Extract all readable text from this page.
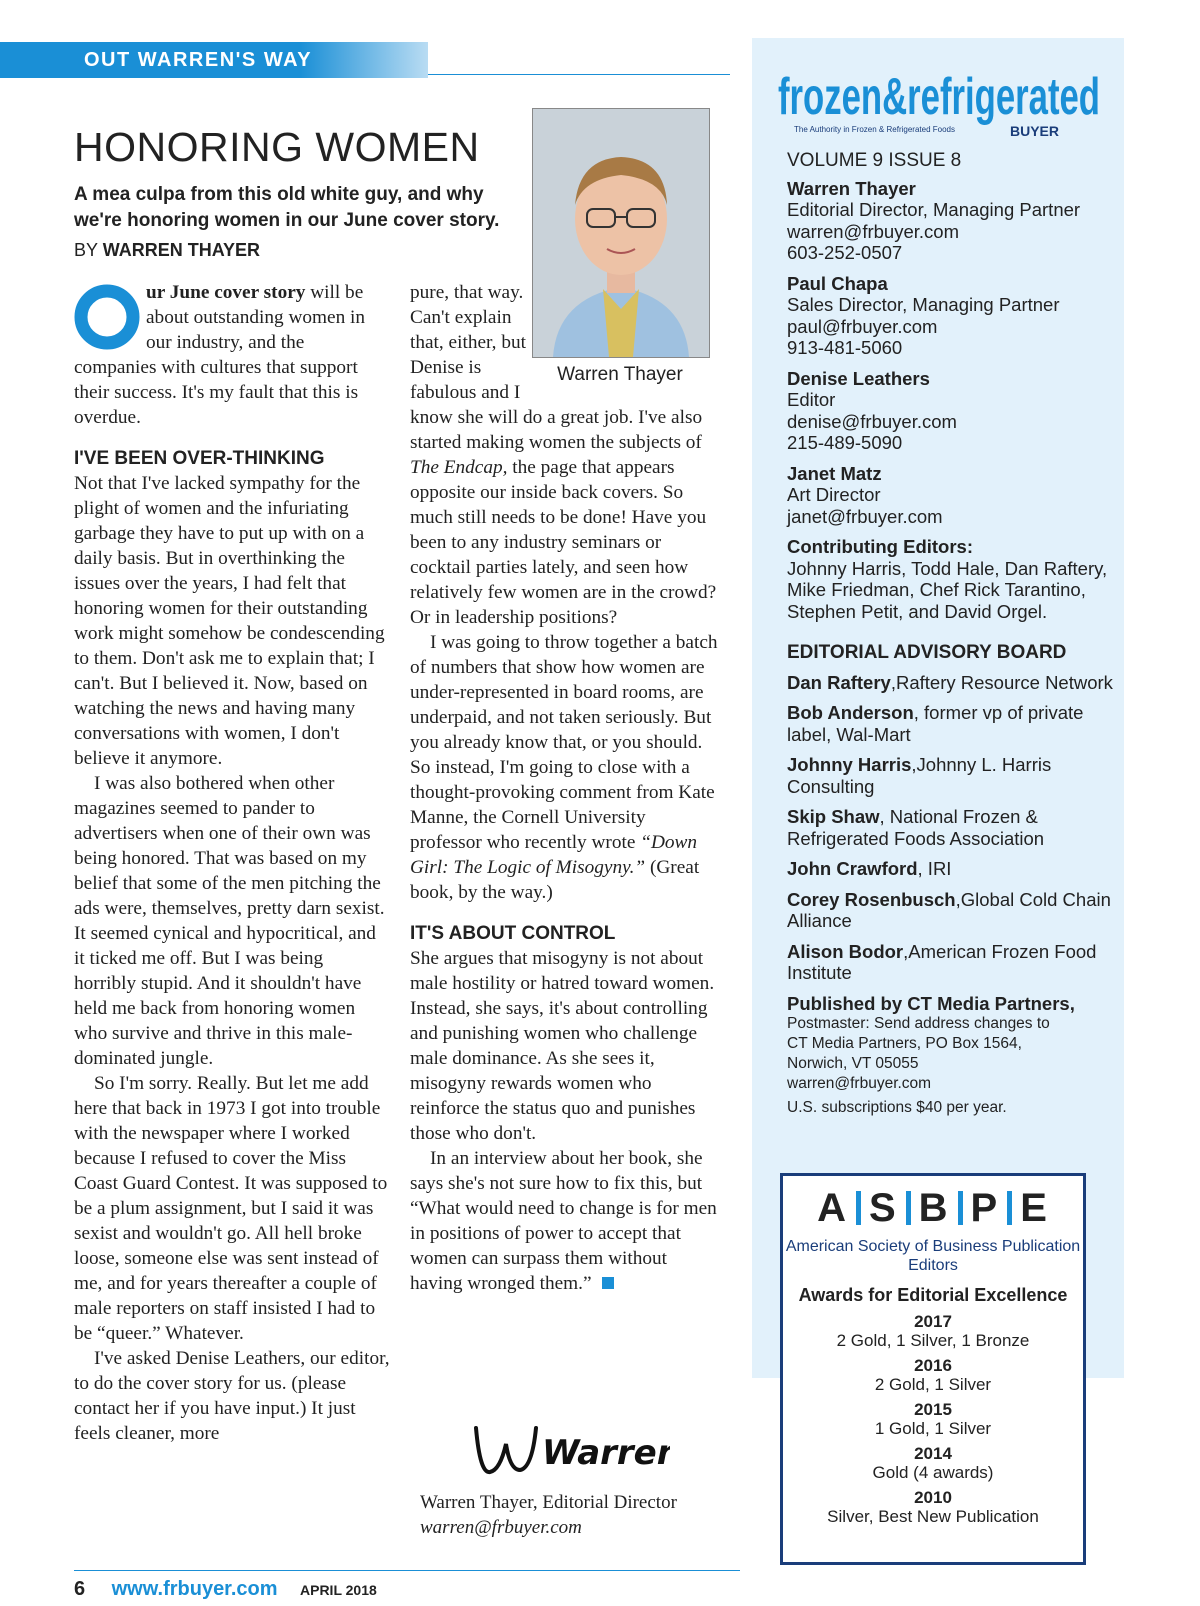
OUT WARREN'S WAY
HONORING WOMEN
A mea culpa from this old white guy, and why we're honoring women in our June cover story.
BY WARREN THAYER
Warren Thayer

ur June cover story will be about outstanding women in our industry, and the companies with cultures that support their success. It's my fault that this is overdue.

I'VE BEEN OVER-THINKING

Not that I've lacked sympathy for the plight of women and the infuriating garbage they have to put up with on a daily basis. But in overthinking the issues over the years, I had felt that honoring women for their outstanding work might somehow be condescending to them. Don't ask me to explain that; I can't. But I believed it. Now, based on watching the news and having many conversations with women, I don't believe it anymore.

I was also bothered when other magazines seemed to pander to advertisers when one of their own was being honored. That was based on my belief that some of the men pitching the ads were, themselves, pretty darn sexist. It seemed cynical and hypocritical, and it ticked me off. But I was being horribly stupid. And it shouldn't have held me back from honoring women who survive and thrive in this male-dominated jungle.

So I'm sorry. Really. But let me add here that back in 1973 I got into trouble with the newspaper where I worked because I refused to cover the Miss Coast Guard Contest. It was supposed to be a plum assignment, but I said it was sexist and wouldn't go. All hell broke loose, someone else was sent instead of me, and for years thereafter a couple of male reporters on staff insisted I had to be “queer.” Whatever.

I've asked Denise Leathers, our editor, to do the cover story for us. (please contact her if you have input.) It just feels cleaner, more

pure, that way. Can't explain that, either, but Denise is fabulous and I know she will do a great job. I've also started making women the subjects of The Endcap, the page that appears opposite our inside back covers. So much still needs to be done! Have you been to any industry seminars or cocktail parties lately, and seen how relatively few women are in the crowd? Or in leadership positions?

I was going to throw together a batch of numbers that show how women are under-represented in board rooms, are underpaid, and not taken seriously. But you already know that, or you should. So instead, I'm going to close with a thought-provoking comment from Kate Manne, the Cornell University professor who recently wrote “Down Girl: The Logic of Misogyny.” (Great book, by the way.)

IT'S ABOUT CONTROL

She argues that misogyny is not about male hostility or hatred toward women. Instead, she says, it's about controlling and punishing women who challenge male dominance. As she sees it, misogyny rewards women who reinforce the status quo and punishes those who don't.

In an interview about her book, she says she's not sure how to fix this, but “What would need to change is for men in positions of power to accept that women can surpass them without having wronged them.”

Warren
Warren Thayer, Editorial Director
warren@frbuyer.com
6 www.frbuyer.com APRIL 2018
frozen&refrigerated
The Authority in Frozen & Refrigerated Foods	BUYER
VOLUME 9 ISSUE 8
Warren Thayer
Editorial Director, Managing Partner
warren@frbuyer.com
603-252-0507
Paul Chapa
Sales Director, Managing Partner
paul@frbuyer.com
913-481-5060
Denise Leathers
Editor
denise@frbuyer.com
215-489-5090
Janet Matz
Art Director
janet@frbuyer.com
Contributing Editors:
Johnny Harris, Todd Hale, Dan Raftery, Mike Friedman, Chef Rick Tarantino, Stephen Petit, and David Orgel.
EDITORIAL ADVISORY BOARD
Dan Raftery,Raftery Resource Network
Bob Anderson, former vp of private label, Wal-Mart
Johnny Harris,Johnny L. Harris Consulting
Skip Shaw, National Frozen & Refrigerated Foods Association
John Crawford, IRI
Corey Rosenbusch,Global Cold Chain Alliance
Alison Bodor,American Frozen Food Institute
Published by CT Media Partners,
Postmaster: Send address changes to
CT Media Partners, PO Box 1564,
Norwich, VT 05055
warren@frbuyer.com
U.S. subscriptions $40 per year.
A S B P E
American Society of Business Publication Editors
Awards for Editorial Excellence
2017
2 Gold, 1 Silver, 1 Bronze
2016
2 Gold, 1 Silver
2015
1 Gold, 1 Silver
2014
Gold (4 awards)
2010
Silver, Best New Publication
